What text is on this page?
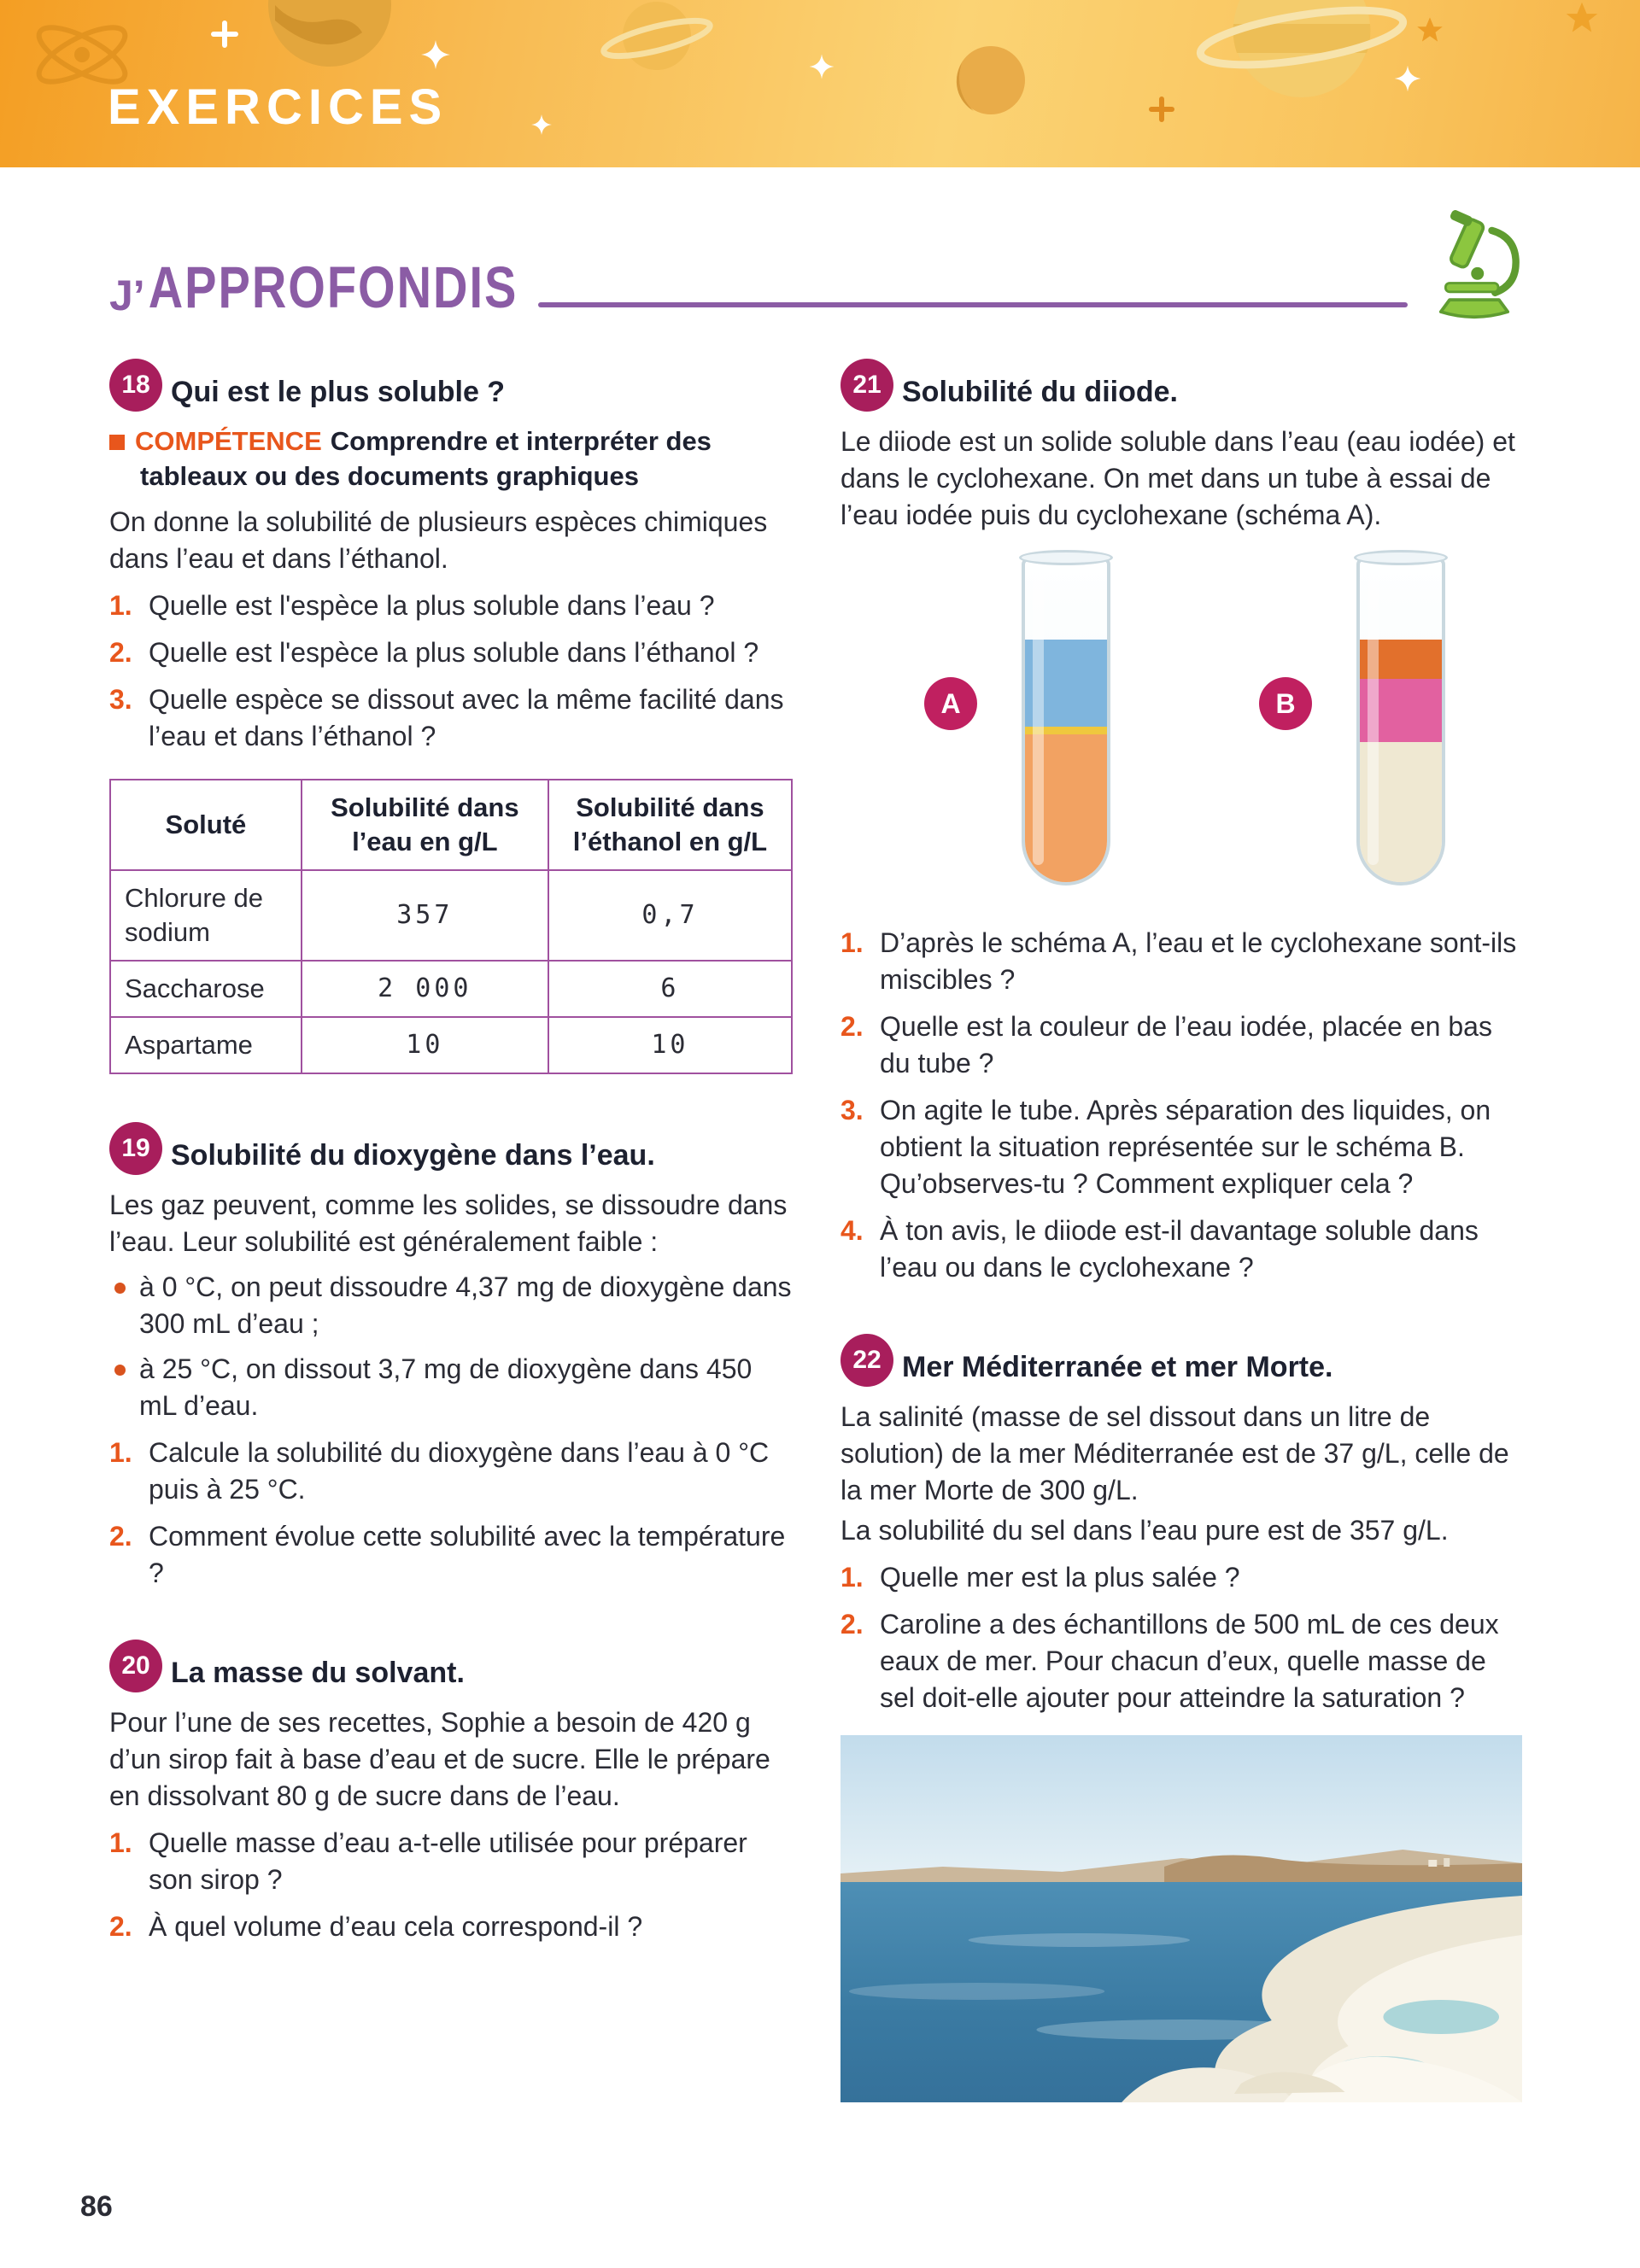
EXERCICES
J’ APPROFONDIS
18 Qui est le plus soluble ?

COMPÉTENCE Comprendre et interpréter des tableaux ou des documents graphiques

On donne la solubilité de plusieurs espèces chimiques dans l’eau et dans l’éthanol.

1. Quelle est l'espèce la plus soluble dans l’eau ?
2. Quelle est l'espèce la plus soluble dans l’éthanol ?
3. Quelle espèce se dissout avec la même facilité dans l’eau et dans l’éthanol ?
Soluté	Solubilité dans l’eau en g/L	Solubilité dans l’éthanol en g/L
Chlorure de sodium	357	0,7
Saccharose	2 000	6
Aspartame	10	10
19 Solubilité du dioxygène dans l’eau.

Les gaz peuvent, comme les solides, se dissoudre dans l’eau. Leur solubilité est généralement faible :

à 0 °C, on peut dissoudre 4,37 mg de dioxygène dans 300 mL d’eau ;
à 25 °C, on dissout 3,7 mg de dioxygène dans 450 mL d’eau.
1. Calcule la solubilité du dioxygène dans l’eau à 0 °C puis à 25 °C.
2. Comment évolue cette solubilité avec la température ?
20 La masse du solvant.

Pour l’une de ses recettes, Sophie a besoin de 420 g d’un sirop fait à base d’eau et de sucre. Elle le prépare en dissolvant 80 g de sucre dans de l’eau.

1. Quelle masse d’eau a-t-elle utilisée pour préparer son sirop ?
2. À quel volume d’eau cela correspond-il ?
21 Solubilité du diiode.

Le diiode est un solide soluble dans l’eau (eau iodée) et dans le cyclohexane. On met dans un tube à essai de l’eau iodée puis du cyclohexane (schéma A).

A	B
1. D’après le schéma A, l’eau et le cyclohexane sont-ils miscibles ?
2. Quelle est la couleur de l’eau iodée, placée en bas du tube ?
3. On agite le tube. Après séparation des liquides, on obtient la situation représentée sur le schéma B. Qu’observes-tu ? Comment expliquer cela ?
4. À ton avis, le diiode est-il davantage soluble dans l’eau ou dans le cyclohexane ?
22 Mer Méditerranée et mer Morte.

La salinité (masse de sel dissout dans un litre de solution) de la mer Méditerranée est de 37 g/L, celle de la mer Morte de 300 g/L.

La solubilité du sel dans l’eau pure est de 357 g/L.

1. Quelle mer est la plus salée ?
2. Caroline a des échantillons de 500 mL de ces deux eaux de mer. Pour chacun d’eux, quelle masse de sel doit-elle ajouter pour atteindre la saturation ?
86
